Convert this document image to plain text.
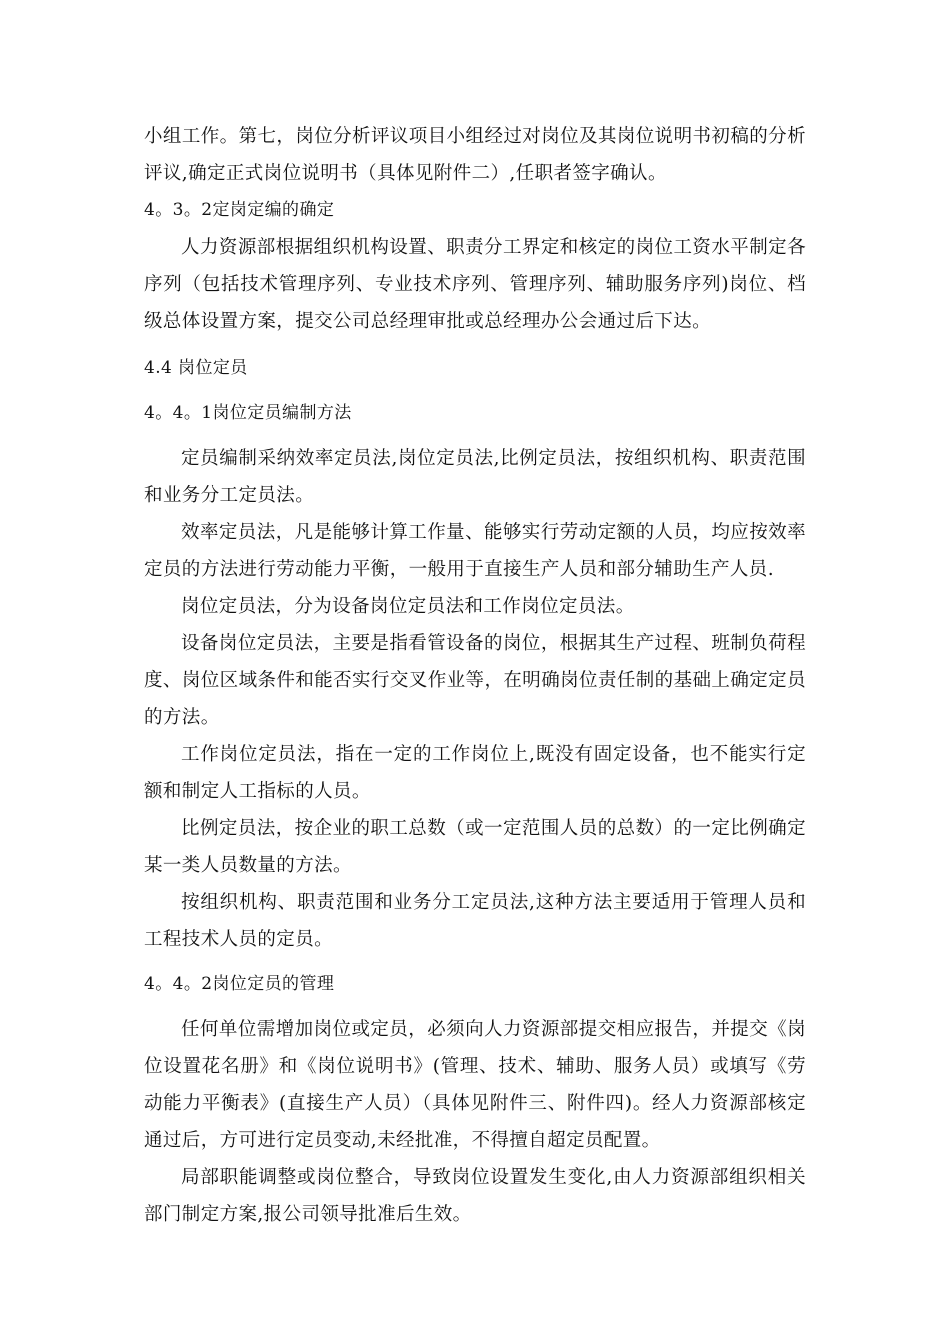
小组工作。第七，岗位分析评议项目小组经过对岗位及其岗位说明书初稿的分析评议,确定正式岗位说明书（具体见附件二）,任职者签字确认。

4。3。2定岗定编的确定

人力资源部根据组织机构设置、职责分工界定和核定的岗位工资水平制定各序列（包括技术管理序列、专业技术序列、管理序列、辅助服务序列)岗位、档级总体设置方案，提交公司总经理审批或总经理办公会通过后下达。

4.4 岗位定员

4。4。1岗位定员编制方法

定员编制采纳效率定员法,岗位定员法,比例定员法，按组织机构、职责范围和业务分工定员法。

效率定员法，凡是能够计算工作量、能够实行劳动定额的人员，均应按效率定员的方法进行劳动能力平衡，一般用于直接生产人员和部分辅助生产人员.

岗位定员法，分为设备岗位定员法和工作岗位定员法。

设备岗位定员法，主要是指看管设备的岗位，根据其生产过程、班制负荷程度、岗位区域条件和能否实行交叉作业等，在明确岗位责任制的基础上确定定员的方法。

工作岗位定员法，指在一定的工作岗位上,既没有固定设备，也不能实行定额和制定人工指标的人员。

比例定员法，按企业的职工总数（或一定范围人员的总数）的一定比例确定某一类人员数量的方法。

按组织机构、职责范围和业务分工定员法,这种方法主要适用于管理人员和工程技术人员的定员。

4。4。2岗位定员的管理

任何单位需增加岗位或定员，必须向人力资源部提交相应报告，并提交《岗位设置花名册》和《岗位说明书》(管理、技术、辅助、服务人员）或填写《劳动能力平衡表》(直接生产人员）（具体见附件三、附件四)。经人力资源部核定通过后，方可进行定员变动,未经批准，不得擅自超定员配置。

局部职能调整或岗位整合，导致岗位设置发生变化,由人力资源部组织相关部门制定方案,报公司领导批准后生效。
